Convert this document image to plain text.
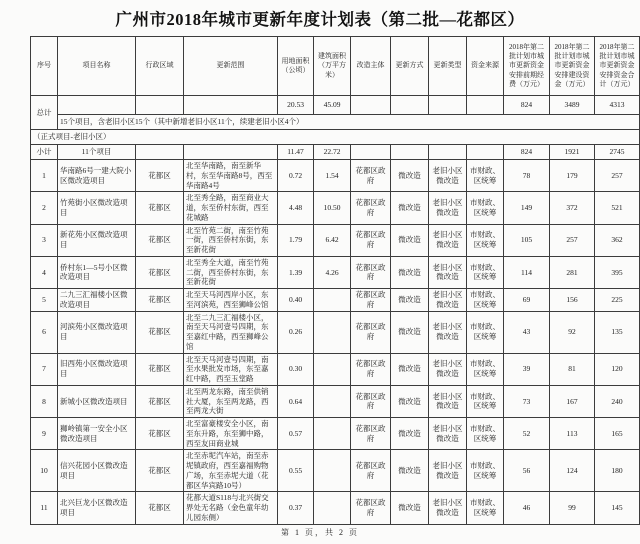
广州市2018年城市更新年度计划表（第二批—花都区）
序号	项目名称	行政区域	更新范围	用地面积（公顷）	建筑面积（万平方米）	改造主体	更新方式	更新类型	资金来源	2018年第二批计划市城市更新资金安排前期经费（万元）	2018年第二批计划市城市更新资金安排建设资金（万元）	2018年第二批计划市城市更新资金安排资金合计（万元）
总计				20.53	45.09					824	3489	4313
	15个项目，含老旧小区15个（其中新增老旧小区11个，续建老旧小区4个）											
（正式项目-老旧小区）												
小计	11个项目			11.47	22.72					824	1921	2745
1	华南路6号一建大院小区微改造项目	花都区	北至华南路，南至新华村，东至华南路8号，西至华南路4号	0.72	1.54	花都区政府	微改造	老旧小区微改造	市财政、区统筹	78	179	257
2	竹苑街小区微改造项目	花都区	北至秀全路，南至商业大道，东至侨村东街，西至花城路	4.48	10.50	花都区政府	微改造	老旧小区微改造	市财政、区统筹	149	372	521
3	新花苑小区微改造项目	花都区	北至竹苑二街，南至竹苑一街，西至侨村东街，东至新花街	1.79	6.42	花都区政府	微改造	老旧小区微改造	市财政、区统筹	105	257	362
4	侨村东1—5号小区微改造项目	花都区	北至秀全大道，南至竹苑二街，西至侨村东街，东至新花街	1.39	4.26	花都区政府	微改造	老旧小区微改造	市财政、区统筹	114	281	395
5	二九三汇福楼小区微改造项目	花都区	北至天马河西岸小区，东至河滨苑，西至狮峰公馆	0.40		花都区政府	微改造	老旧小区微改造	市财政、区统筹	69	156	225
6	河滨苑小区微改造项目	花都区	北至二九三汇福楼小区，南至天马河壹号四期，东至嘉红中路，西至狮峰公馆	0.26		花都区政府	微改造	老旧小区微改造	市财政、区统筹	43	92	135
7	旧西苑小区微改造项目	花都区	北至天马河壹号四期，南至水果批发市场，东至嘉红中路，西至玉堂路	0.30		花都区政府	微改造	老旧小区微改造	市财政、区统筹	39	81	120
8	新城小区微改造项目	花都区	北至两龙东路，南至供销社大厦，东至两龙路，西至两龙大街	0.64		花都区政府	微改造	老旧小区微改造	市财政、区统筹	73	167	240
9	狮岭镇第一安全小区微改造项目	花都区	北至富豪楼安全小区，南至东升路，东至狮中路，西至友田商业城	0.57		花都区政府	微改造	老旧小区微改造	市财政、区统筹	52	113	165
10	信兴花园小区微改造项目	花都区	北至赤坭汽车站，南至赤坭镇政府，西至嘉福购物广场，东至赤坭大道（花都区华宾路10号）	0.55		花都区政府	微改造	老旧小区微改造	市财政、区统筹	56	124	180
11	北兴巨龙小区微改造项目	花都区	花都大道S118与北兴街交界处无名路（金色童年幼儿园东侧）	0.37		花都区政府	微改造	老旧小区微改造	市财政、区统筹	46	99	145
第 1 页，共 2 页
